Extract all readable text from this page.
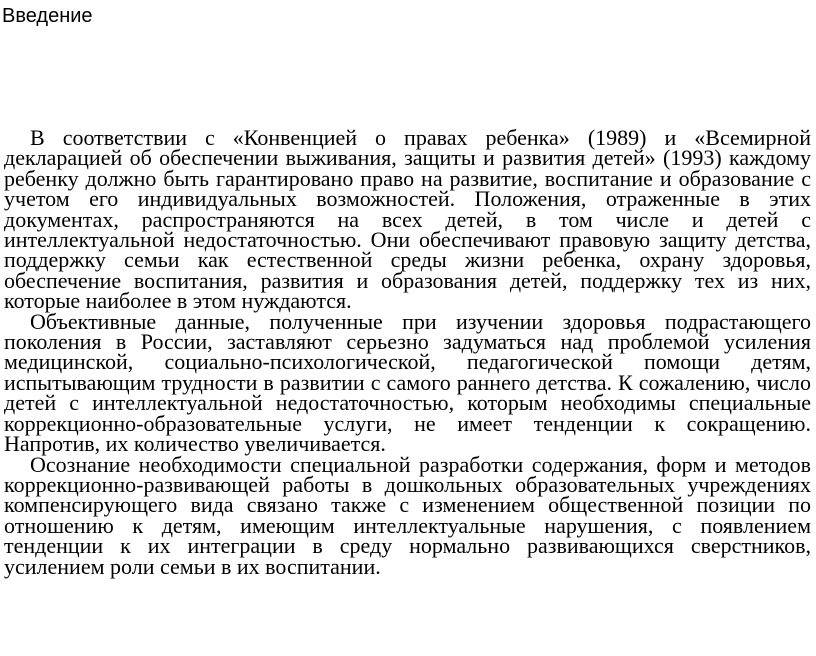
Введение

В соответствии с «Конвенцией о правах ребенка» (1989) и «Всемирной декларацией об обеспечении выживания, защиты и развития детей» (1993) каждому ребенку должно быть гарантировано право на развитие, воспитание и образование с учетом его индивидуальных возможностей. Положения, отраженные в этих документах, распространяются на всех детей, в том числе и детей с интеллектуальной недостаточностью. Они обеспечивают правовую защиту детства, поддержку семьи как естественной среды жизни ребенка, охрану здоровья, обеспечение воспитания, развития и образования детей, поддержку тех из них, которые наиболее в этом нуждаются.

Объективные данные, полученные при изучении здоровья подрастающего поколения в России, заставляют серьезно задуматься над проблемой усиления медицинской, социально-психологической, педагогической помощи детям, испытывающим трудности в развитии с самого раннего детства. К сожалению, число детей с интеллектуальной недостаточностью, которым необходимы специальные коррекционно-образовательные услуги, не имеет тенденции к сокращению. Напротив, их количество увеличивается.

Осознание необходимости специальной разработки содержания, форм и методов коррекционно-развивающей работы в дошкольных образовательных учреждениях компенсирующего вида связано также с изменением общественной позиции по отношению к детям, имеющим интеллектуальные нарушения, с появлением тенденции к их интеграции в среду нормально развивающихся сверстников, усилением роли семьи в их воспитании.
